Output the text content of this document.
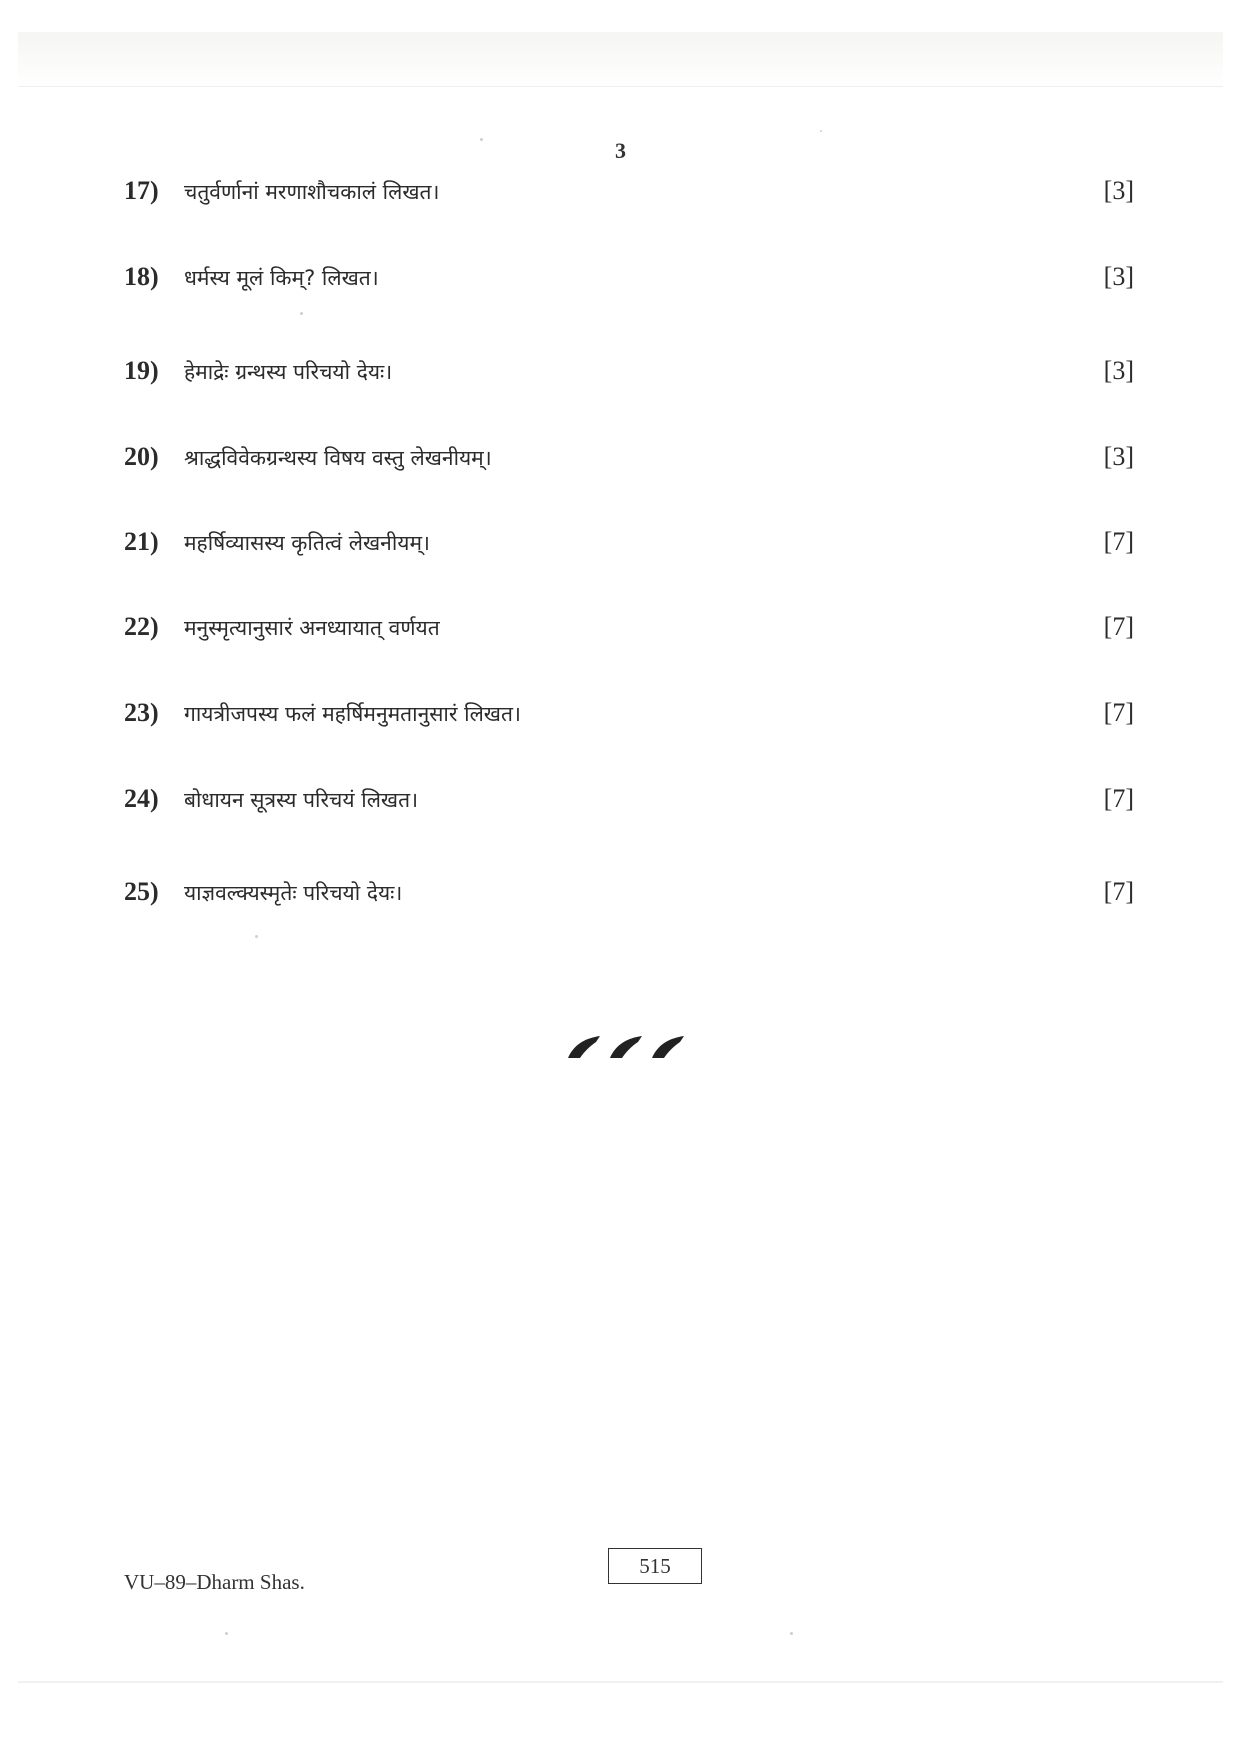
3
17) चतुर्वर्णानां मरणाशौचकालं लिखत।	[3]
18) धर्मस्य मूलं किम्? लिखत।	[3]
19) हेमाद्रेः ग्रन्थस्य परिचयो देयः।	[3]
20) श्राद्धविवेकग्रन्थस्य विषय वस्तु लेखनीयम्।	[3]
21) महर्षिव्यासस्य कृतित्वं लेखनीयम्।	[7]
22) मनुस्मृत्यानुसारं अनध्यायात् वर्णयत	[7]
23) गायत्रीजपस्य फलं महर्षिमनुमतानुसारं लिखत।	[7]
24) बोधायन सूत्रस्य परिचयं लिखत।	[7]
25) याज्ञवल्क्यस्मृतेः परिचयो देयः।	[7]
VU–89–Dharm Shas.
515
